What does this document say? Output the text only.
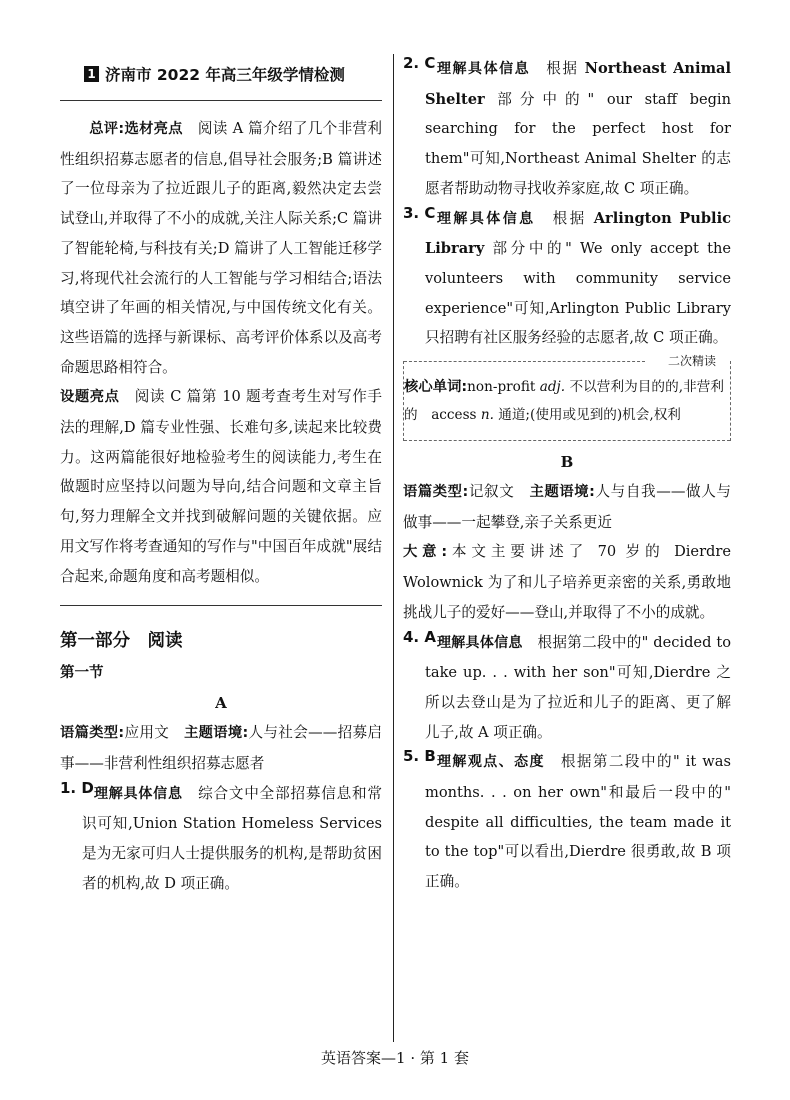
1 济南市 2022 年高三年级学情检测

总评:选材亮点　 阅读 A 篇介绍了几个非营利性组织招募志愿者的信息,倡导社会服务;B 篇讲述了一位母亲为了拉近跟儿子的距离,毅然决定去尝试登山,并取得了不小的成就,关注人际关系;C 篇讲了智能轮椅,与科技有关;D 篇讲了人工智能迁移学习,将现代社会流行的人工智能与学习相结合;语法填空讲了年画的相关情况,与中国传统文化有关。这些语篇的选择与新课标、高考评价体系以及高考命题思路相符合。

设题亮点　 阅读 C 篇第 10 题考查考生对写作手法的理解,D 篇专业性强、长难句多,读起来比较费力。这两篇能很好地检验考生的阅读能力,考生在做题时应坚持以问题为导向,结合问题和文章主旨句,努力理解全文并找到破解问题的关键依据。应用文写作将考查通知的写作与"中国百年成就"展结合起来,命题角度和高考题相似。

第一部分　阅读
第一节
A

语篇类型:应用文　 主题语境:人与社会——招募启事——非营利性组织招募志愿者

1. D 理解具体信息　 综合文中全部招募信息和常识可知,Union Station Homeless Services 是为无家可归人士提供服务的机构,是帮助贫困者的机构,故 D 项正确。

2. C 理解具体信息　 根据 Northeast Animal Shelter 部分中的" our staff begin searching for the perfect host for them"可知,Northeast Animal Shelter 的志愿者帮助动物寻找收养家庭,故 C 项正确。

3. C 理解具体信息　 根据 Arlington Public Library 部分中的" We only accept the volunteers with community service experience"可知,Arlington Public Library 只招聘有社区服务经验的志愿者,故 C 项正确。

二次精读

核心单词:non-profit adj. 不以营利为目的的,非营利的　 access n. 通道;(使用或见到的)机会,权利

B

语篇类型:记叙文　 主题语境:人与自我——做人与做事——一起攀登,亲子关系更近

大意:本文主要讲述了 70 岁的 Dierdre Wolownick 为了和儿子培养更亲密的关系,勇敢地挑战儿子的爱好——登山,并取得了不小的成就。

4. A 理解具体信息　 根据第二段中的" decided to take up. . . with her son"可知,Dierdre 之所以去登山是为了拉近和儿子的距离、更了解儿子,故 A 项正确。

5. B 理解观点、态度　 根据第二段中的" it was months. . . on her own"和最后一段中的" despite all difficulties, the team made it to the top"可以看出,Dierdre 很勇敢,故 B 项正确。

英语答案—1 · 第 1 套
